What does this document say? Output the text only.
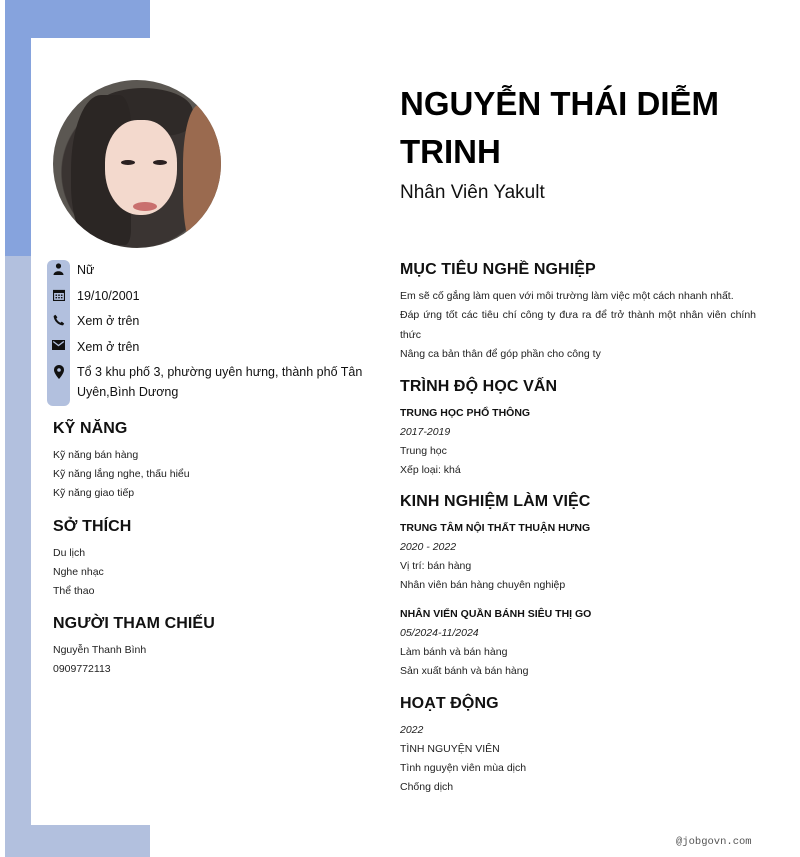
Nữ
19/10/2001
Xem ở trên
Xem ở trên
Tổ 3 khu phố 3, phường uyên hưng, thành phố Tân Uyên,Bình Dương
KỸ NĂNG
Kỹ năng bán hàng
Kỹ năng lắng nghe, thấu hiểu
Kỹ năng giao tiếp
SỞ THÍCH
Du lịch
Nghe nhạc
Thể thao
NGƯỜI THAM CHIẾU
Nguyễn Thanh Bình
0909772113
NGUYỄN THÁI DIỄM
TRINH
Nhân Viên Yakult
MỤC TIÊU NGHỀ NGHIỆP
Em sẽ cố gắng làm quen với môi trường làm việc một cách nhanh nhất.
Đáp ứng tốt các tiêu chí công ty đưa ra để trở thành một nhân viên chính thức
Nâng ca bản thân để góp phần cho công ty
TRÌNH ĐỘ HỌC VẤN
TRUNG HỌC PHỔ THÔNG
2017-2019
Trung học
Xếp loại: khá
KINH NGHIỆM LÀM VIỆC
TRUNG TÂM NỘI THẤT THUẬN HƯNG
2020 - 2022
Vị trí: bán hàng
Nhân viên bán hàng chuyên nghiệp
NHÂN VIỂN QUẦN BÁNH SIÊU THỊ GO
05/2024-11/2024
Làm bánh và bán hàng
Sản xuất bánh và bán hàng
HOẠT ĐỘNG
2022
TÌNH NGUYỆN VIÊN
Tình nguyện viên mùa dịch
Chống dịch
@jobgovn.com
